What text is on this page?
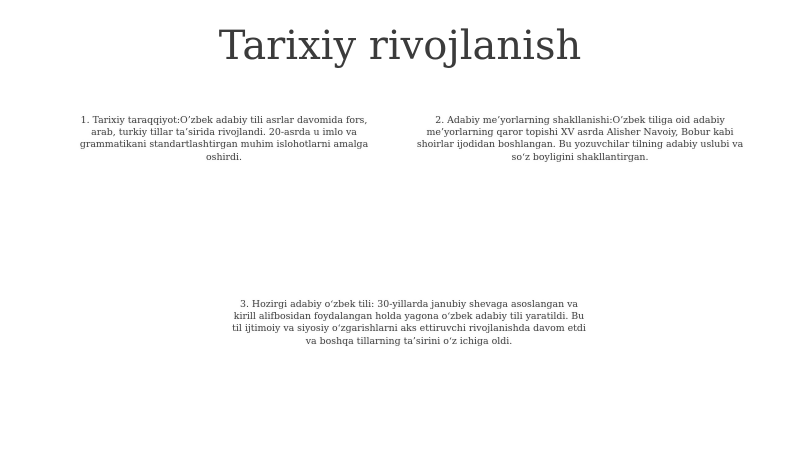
Tarixiy rivojlanish
1. Tarixiy taraqqiyot:O’zbek adabiy tili asrlar davomida fors, arab, turkiy tillar ta’sirida rivojlandi. 20-asrda u imlo va grammatikani standartlashtirgan muhim islohotlarni amalga oshirdi.
2. Adabiy me’yorlarning shakllanishi:O’zbek tiliga oid adabiy me’yorlarning qaror topishi XV asrda Alisher Navoiy, Bobur kabi shoirlar ijodidan boshlangan. Bu yozuvchilar tilning adabiy uslubi va so‘z boyligini shakllantirgan.
3. Hozirgi adabiy o‘zbek tili: 30-yillarda janubiy shevaga asoslangan va kirill alifbosidan foydalangan holda yagona o‘zbek adabiy tili yaratildi. Bu til ijtimoiy va siyosiy o‘zgarishlarni aks ettiruvchi rivojlanishda davom etdi va boshqa tillarning ta’sirini o‘z ichiga oldi.
